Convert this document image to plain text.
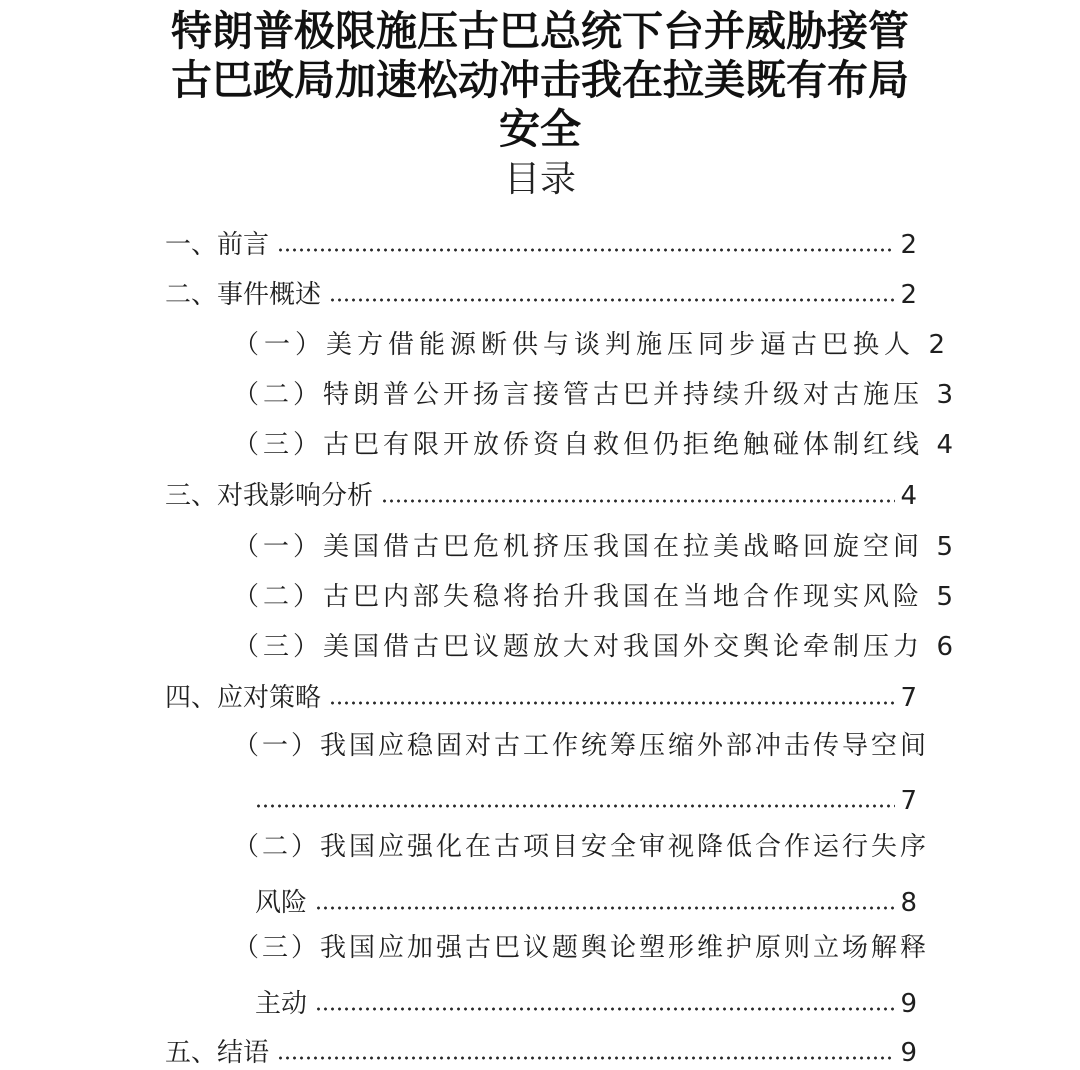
特朗普极限施压古巴总统下台并威胁接管
古巴政局加速松动冲击我在拉美既有布局
安全
目录
一、前言	2
二、事件概述	2
（一）美方借能源断供与谈判施压同步逼古巴换人 2
（二）特朗普公开扬言接管古巴并持续升级对古施压 3
（三）古巴有限开放侨资自救但仍拒绝触碰体制红线 4
三、对我影响分析	4
（一）美国借古巴危机挤压我国在拉美战略回旋空间 5
（二）古巴内部失稳将抬升我国在当地合作现实风险 5
（三）美国借古巴议题放大对我国外交舆论牵制压力 6
四、应对策略	7
（一）我国应稳固对古工作统筹压缩外部冲击传导空间
7
（二）我国应强化在古项目安全审视降低合作运行失序
风险	8
（三）我国应加强古巴议题舆论塑形维护原则立场解释
主动	9
五、结语	9
